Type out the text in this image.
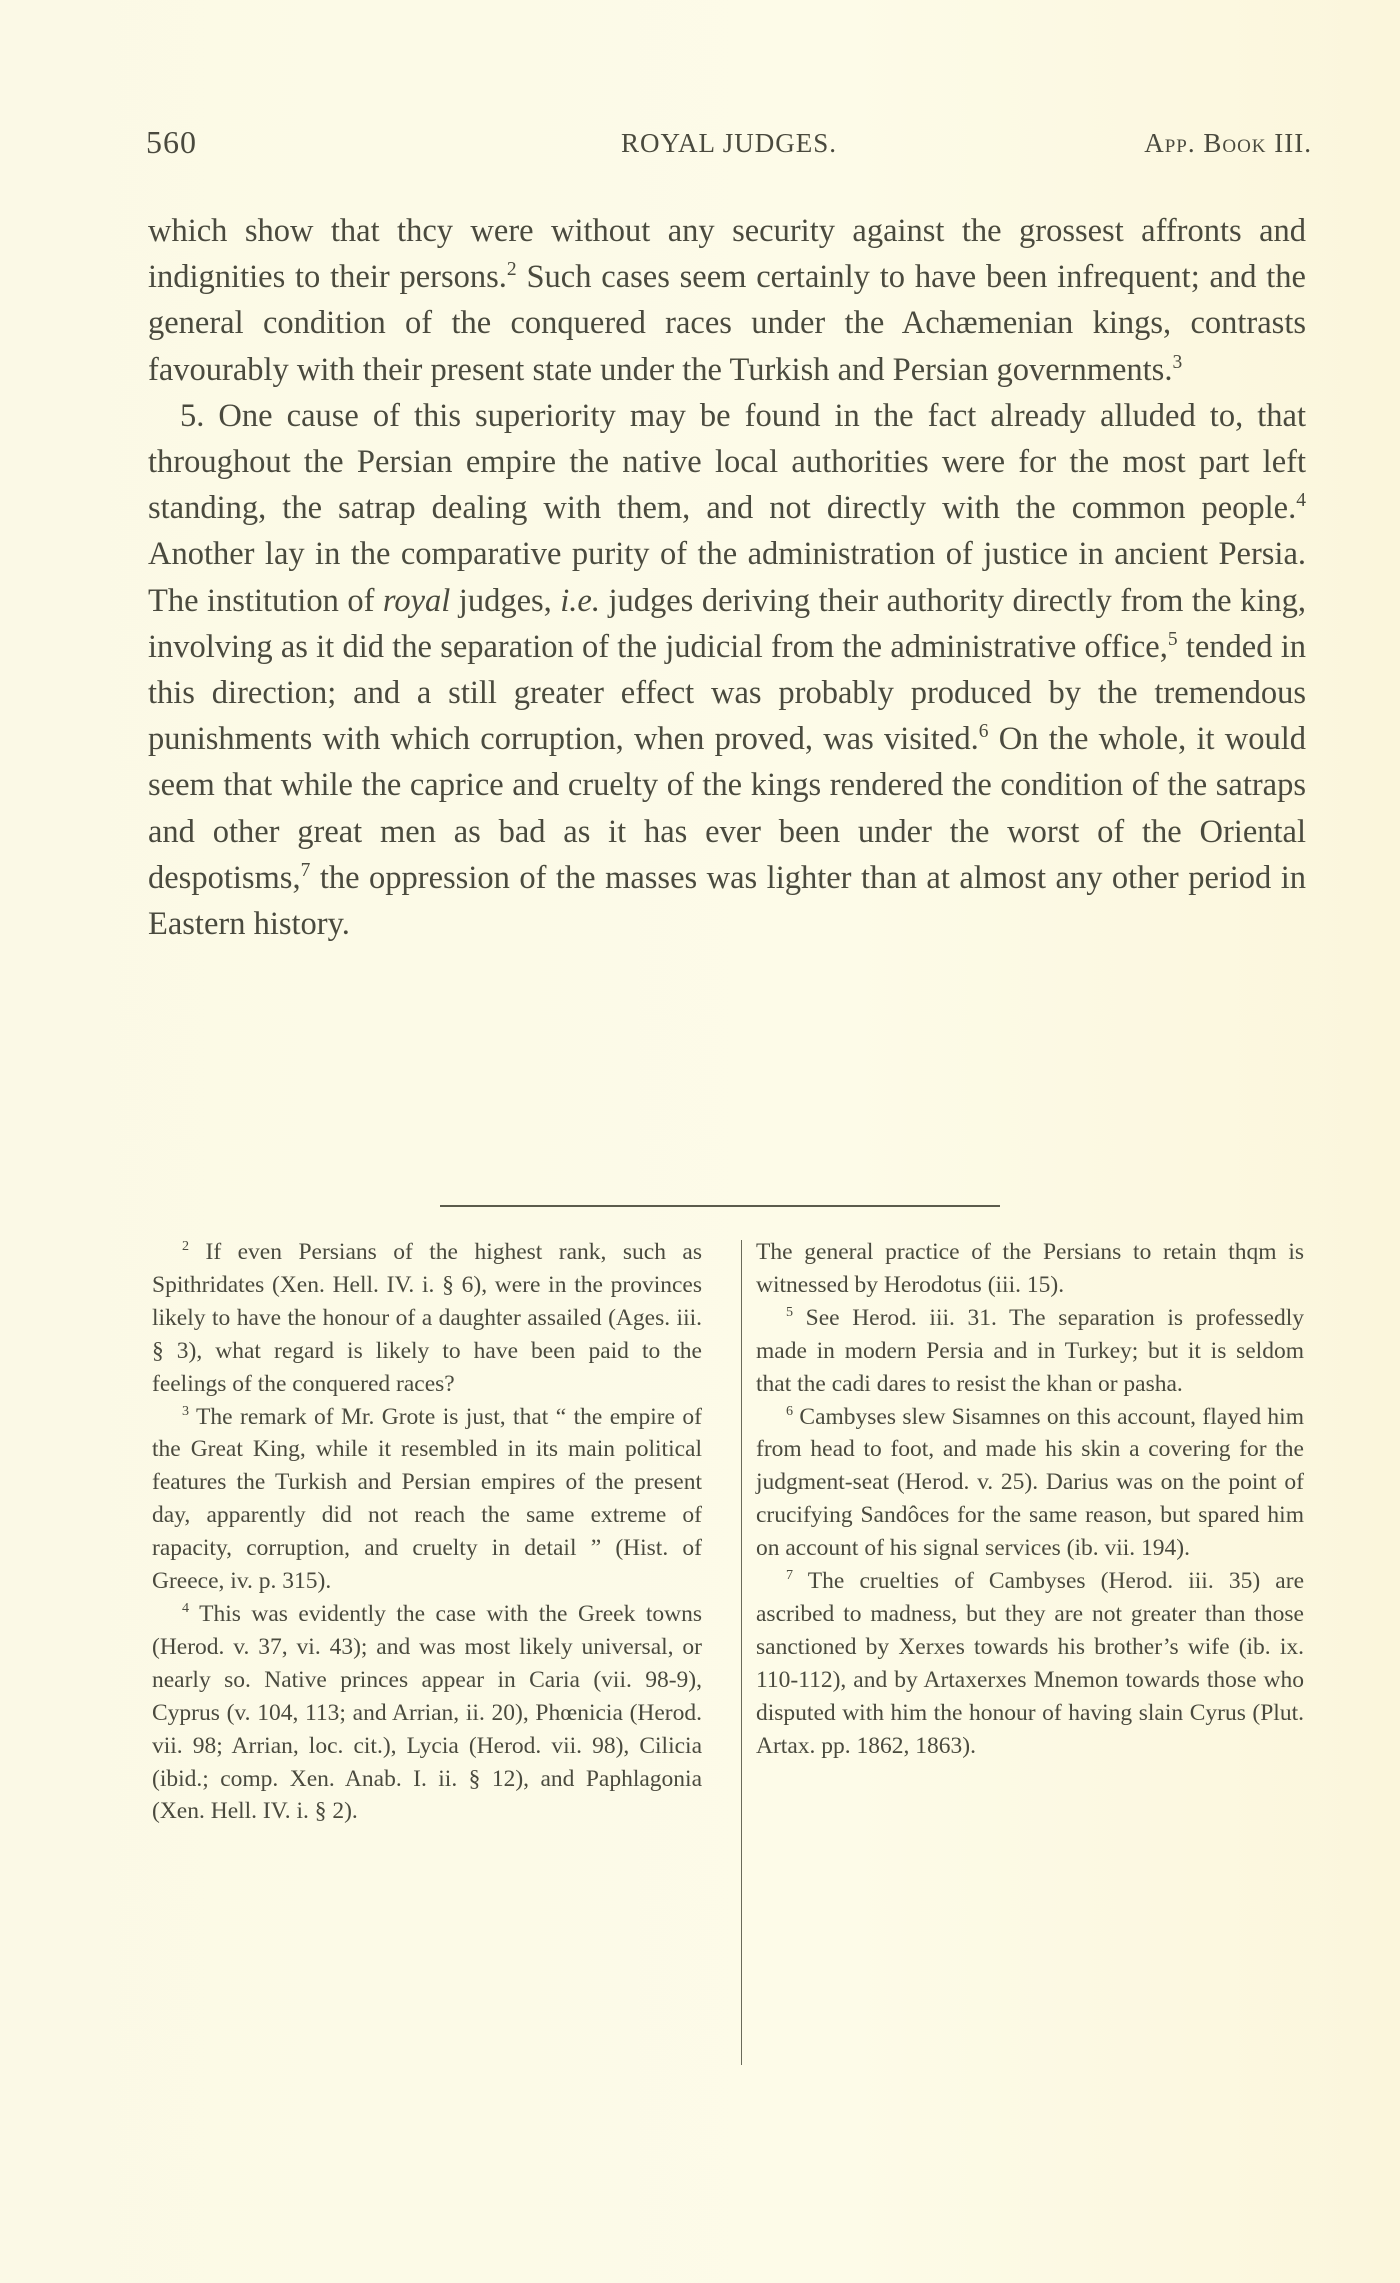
560	ROYAL JUDGES.	App. Book III.

which show that thcy were without any security against the grossest affronts and indignities to their persons.$^2$ Such cases seem certainly to have been infrequent; and the general condition of the conquered races under the Achæmenian kings, contrasts favourably with their present state under the Turkish and Persian governments.$^3$

5. One cause of this superiority may be found in the fact already alluded to, that throughout the Persian empire the native local authorities were for the most part left standing, the satrap dealing with them, and not directly with the common people.$^4$ Another lay in the comparative purity of the administration of justice in ancient Persia. The institution of royal judges, i.e. judges deriving their authority directly from the king, involving as it did the separation of the judicial from the administrative office,$^5$ tended in this direction; and a still greater effect was probably produced by the tremendous punishments with which corruption, when proved, was visited.$^6$ On the whole, it would seem that while the caprice and cruelty of the kings rendered the condition of the satraps and other great men as bad as it has ever been under the worst of the Oriental despotisms,$^7$ the oppression of the masses was lighter than at almost any other period in Eastern history.

$^2$ If even Persians of the highest rank, such as Spithridates (Xen. Hell. IV. i. § 6), were in the provinces likely to have the honour of a daughter assailed (Ages. iii. § 3), what regard is likely to have been paid to the feelings of the conquered races?

$^3$ The remark of Mr. Grote is just, that “ the empire of the Great King, while it resembled in its main political features the Turkish and Persian empires of the present day, apparently did not reach the same extreme of rapacity, corruption, and cruelty in detail ” (Hist. of Greece, iv. p. 315).

$^4$ This was evidently the case with the Greek towns (Herod. v. 37, vi. 43); and was most likely universal, or nearly so. Native princes appear in Caria (vii. 98-9), Cyprus (v. 104, 113; and Arrian, ii. 20), Phœnicia (Herod. vii. 98; Arrian, loc. cit.), Lycia (Herod. vii. 98), Cilicia (ibid.; comp. Xen. Anab. I. ii. § 12), and Paphlagonia (Xen. Hell. IV. i. § 2).

The general practice of the Persians to retain thqm is witnessed by Herodotus (iii. 15).

$^5$ See Herod. iii. 31. The separation is professedly made in modern Persia and in Turkey; but it is seldom that the cadi dares to resist the khan or pasha.

$^6$ Cambyses slew Sisamnes on this account, flayed him from head to foot, and made his skin a covering for the judgment-seat (Herod. v. 25). Darius was on the point of crucifying Sandôces for the same reason, but spared him on account of his signal services (ib. vii. 194).

$^7$ The cruelties of Cambyses (Herod. iii. 35) are ascribed to madness, but they are not greater than those sanctioned by Xerxes towards his brother’s wife (ib. ix. 110-112), and by Artaxerxes Mnemon towards those who disputed with him the honour of having slain Cyrus (Plut. Artax. pp. 1862, 1863).
